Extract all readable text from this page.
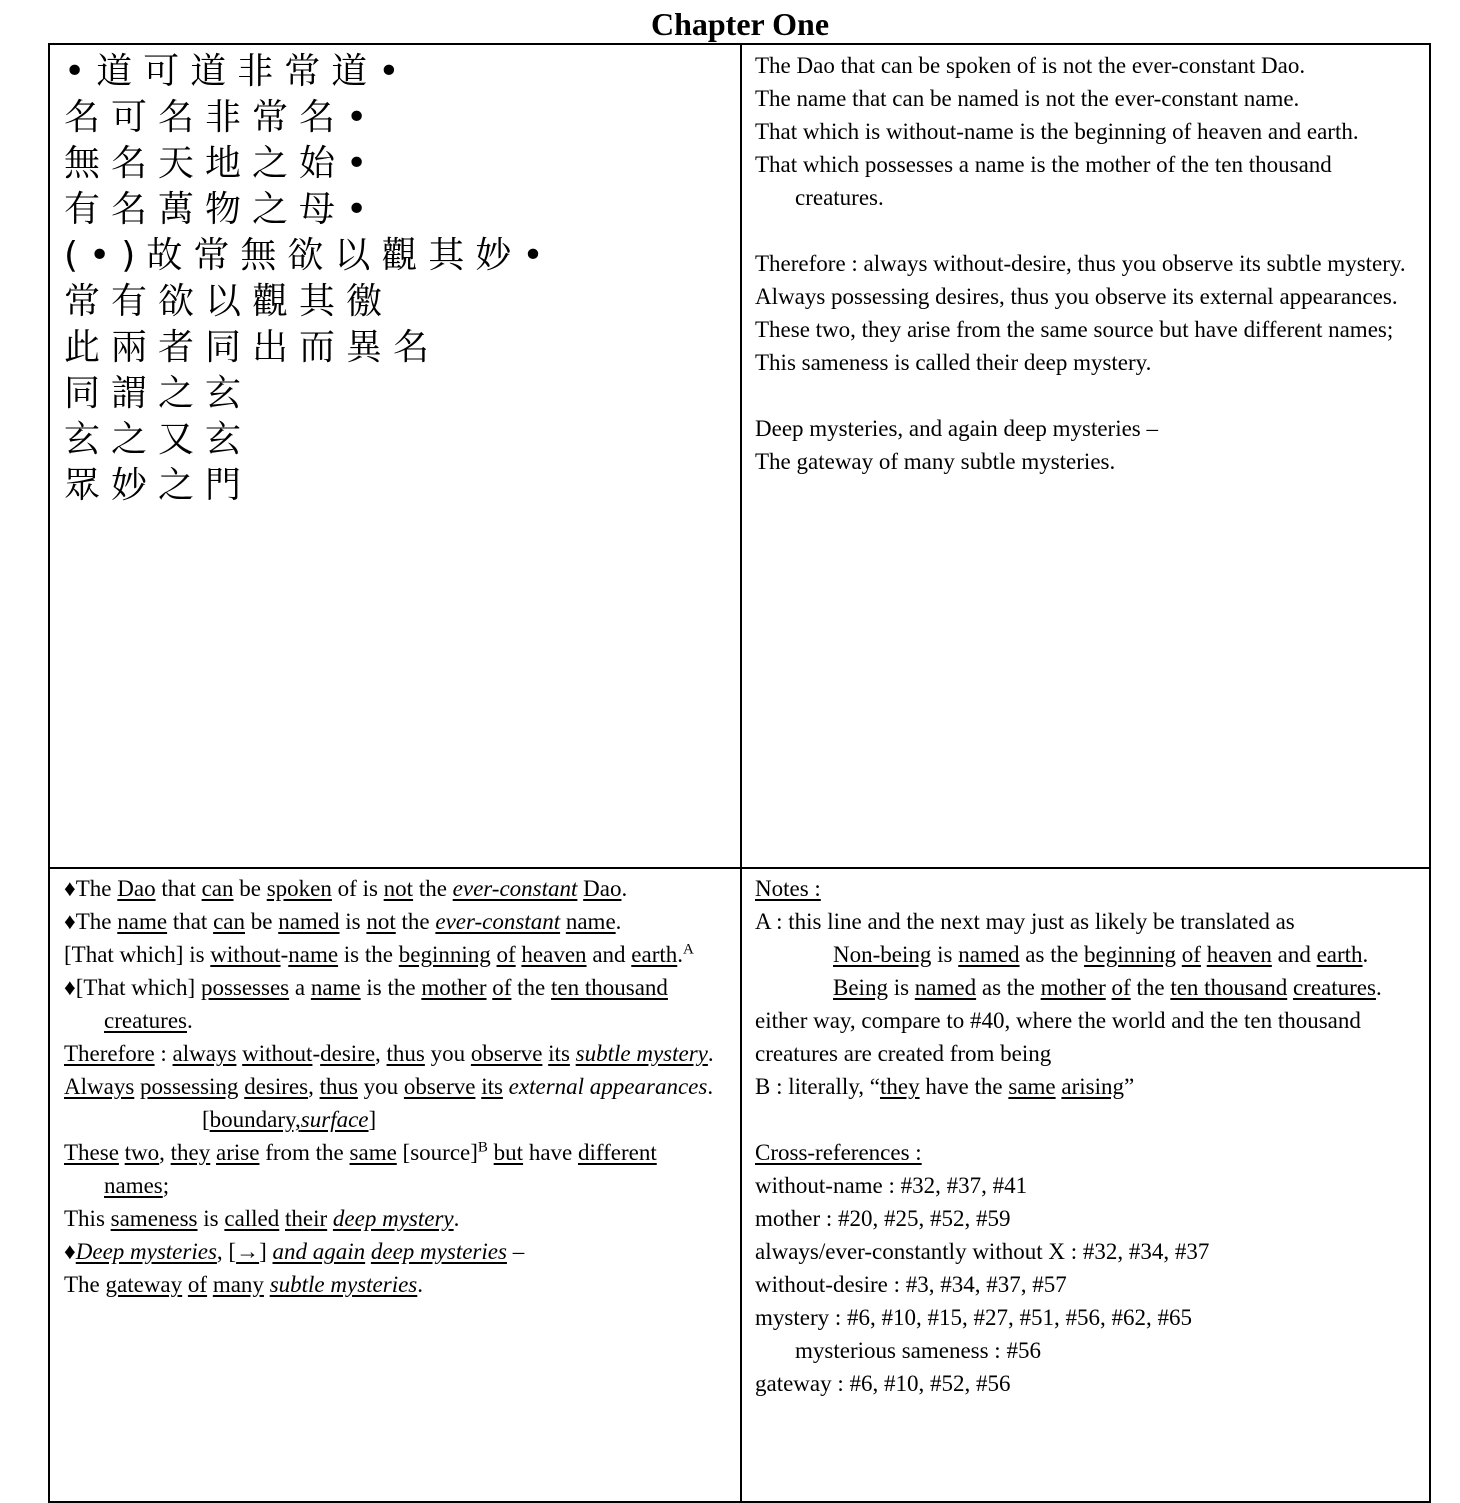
Chapter One
•道可道非常道•
名可名非常名•
無名天地之始•
有名萬物之母•
(•)故常無欲以觀其妙•
常有欲以觀其徼
此兩者同出而異名
同謂之玄
玄之又玄
眾妙之門
The Dao that can be spoken of is not the ever-constant Dao.
The name that can be named is not the ever-constant name.
That which is without-name is the beginning of heaven and earth.
That which possesses a name is the mother of the ten thousand creatures.
Therefore : always without-desire, thus you observe its subtle mystery.
Always possessing desires, thus you observe its external appearances.
These two, they arise from the same source but have different names;
This sameness is called their deep mystery.
Deep mysteries, and again deep mysteries –
The gateway of many subtle mysteries.
♦The Dao that can be spoken of is not the ever-constant Dao.
♦The name that can be named is not the ever-constant name.
[That which] is without-name is the beginning of heaven and earth.$^A$
♦[That which] possesses a name is the mother of the ten thousand creatures.
Therefore : always without-desire, thus you observe its subtle mystery.
Always possessing desires, thus you observe its external appearances.[boundary,surface]
These two, they arise from the same [source]$^B$ but have different names;
This sameness is called their deep mystery.
♦Deep mysteries, [→] and again deep mysteries –
The gateway of many subtle mysteries.
Notes :
A : this line and the next may just as likely be translated as
Non-being is named as the beginning of heaven and earth.
Being is named as the mother of the ten thousand creatures.
either way, compare to #40, where the world and the ten thousand creatures are created from being
B : literally, “they have the same arising”
Cross-references :
without-name : #32, #37, #41
mother : #20, #25, #52, #59
always/ever-constantly without X : #32, #34, #37
without-desire : #3, #34, #37, #57
mystery : #6, #10, #15, #27, #51, #56, #62, #65
mysterious sameness : #56
gateway : #6, #10, #52, #56
